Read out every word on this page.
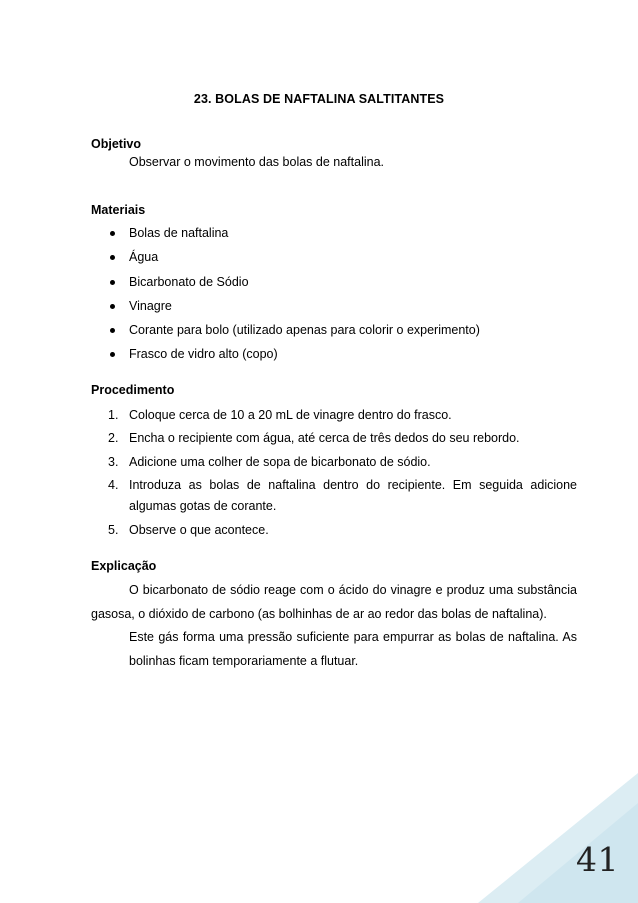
23. BOLAS DE NAFTALINA SALTITANTES
Objetivo
Observar o movimento das bolas de naftalina.
Materiais
Bolas de naftalina
Água
Bicarbonato de Sódio
Vinagre
Corante para bolo (utilizado apenas para colorir o experimento)
Frasco de vidro alto (copo)
Procedimento
1. Coloque cerca de 10 a 20 mL de vinagre dentro do frasco.
2. Encha o recipiente com água, até cerca de três dedos do seu rebordo.
3. Adicione uma colher de sopa de bicarbonato de sódio.
4. Introduza as bolas de naftalina dentro do recipiente. Em seguida adicione algumas gotas de corante.
5. Observe o que acontece.
Explicação

O bicarbonato de sódio reage com o ácido do vinagre e produz uma substância gasosa, o dióxido de carbono (as bolhinhas de ar ao redor das bolas de naftalina).

Este gás forma uma pressão suficiente para empurrar as bolas de naftalina. As bolinhas ficam temporariamente a flutuar.

41
